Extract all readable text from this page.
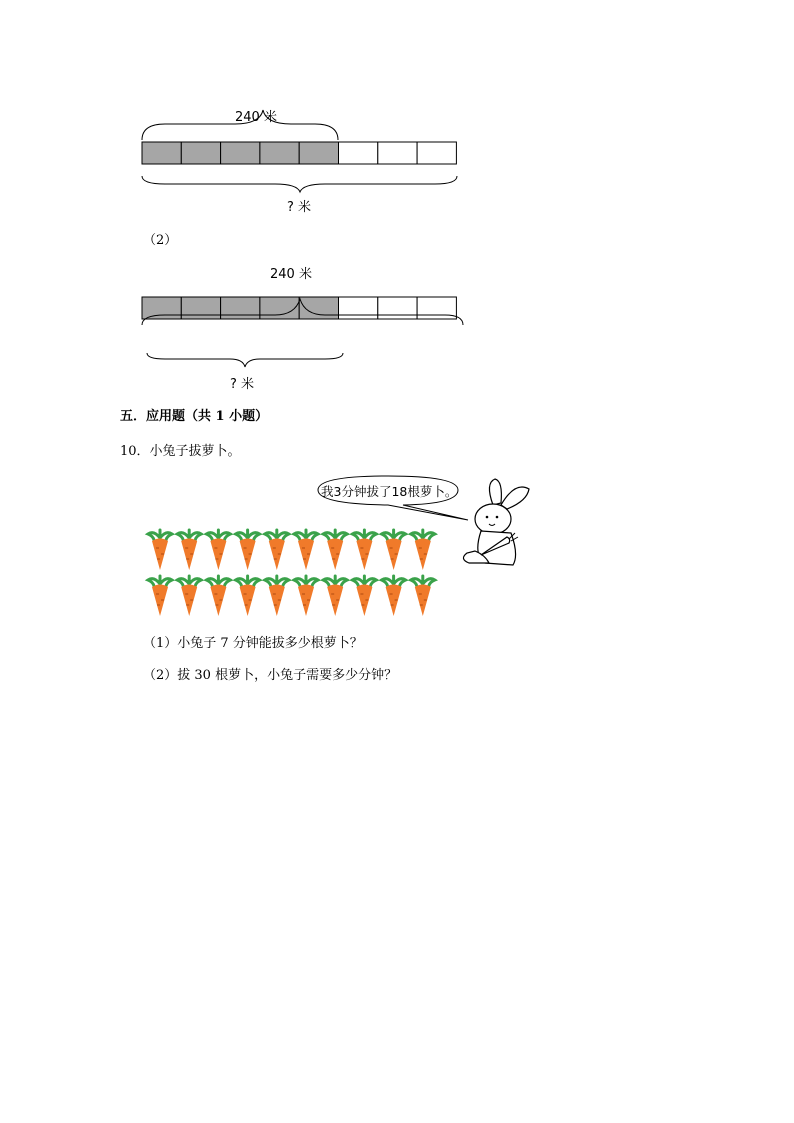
240 米
? 米
（2）
240 米
? 米
五．应用题（共 1 小题）
10．小兔子拔萝卜。
我3分钟拔了18根萝卜。
（1）小兔子 7 分钟能拔多少根萝卜？
（2）拔 30 根萝卜，小兔子需要多少分钟？
